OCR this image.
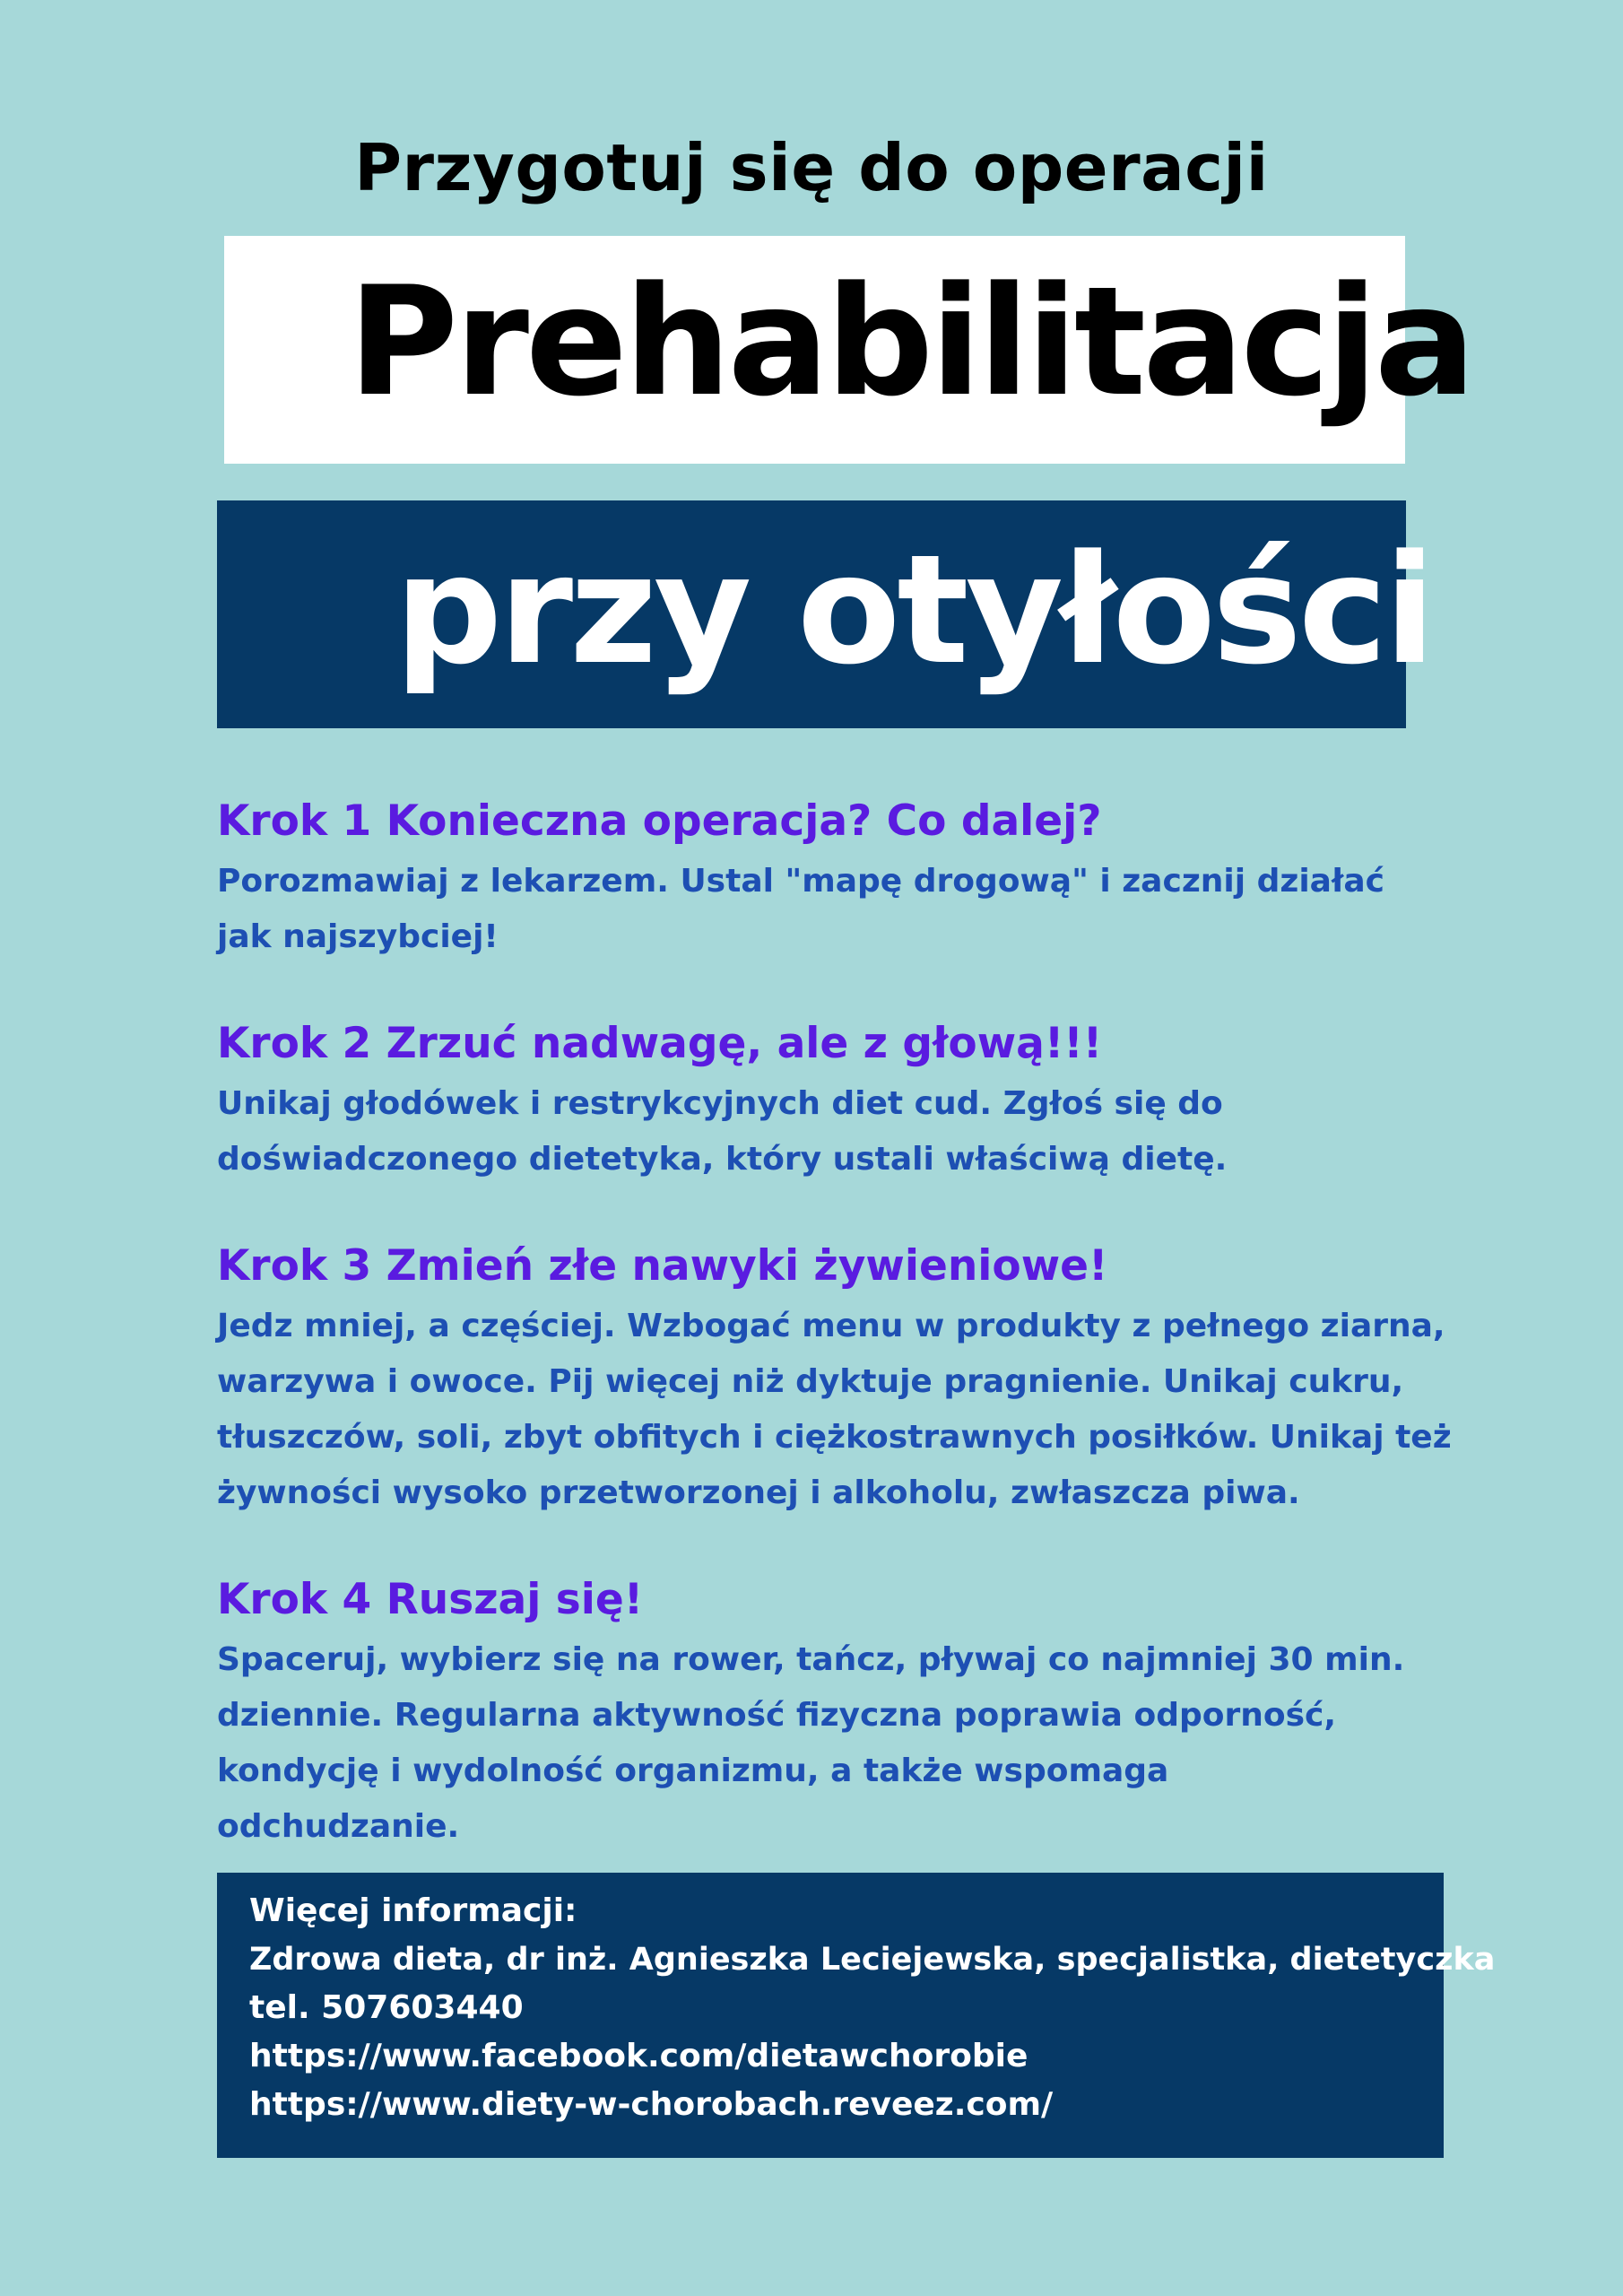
Przygotuj się do operacji
Prehabilitacja
przy otyłości
Krok 1 Konieczna operacja? Co dalej?
Porozmawiaj z lekarzem. Ustal "mapę drogową" i zacznij działać jak najszybciej!
Krok 2 Zrzuć nadwagę, ale z głową!!!
Unikaj głodówek i restrykcyjnych diet cud. Zgłoś się do doświadczonego dietetyka, który ustali właściwą dietę.
Krok 3 Zmień złe nawyki żywieniowe!
Jedz mniej, a częściej. Wzbogać menu w produkty z pełnego ziarna, warzywa i owoce. Pij więcej niż dyktuje pragnienie. Unikaj cukru, tłuszczów, soli, zbyt obfitych i ciężkostrawnych posiłków. Unikaj też żywności wysoko przetworzonej i alkoholu, zwłaszcza piwa.
Krok 4 Ruszaj się!
Spaceruj, wybierz się na rower, tańcz, pływaj co najmniej 30 min. dziennie. Regularna aktywność fizyczna poprawia odporność, kondycję i wydolność organizmu, a także wspomaga odchudzanie.
Więcej informacji:
Zdrowa dieta, dr inż. Agnieszka Leciejewska, specjalistka, dietetyczka
tel. 507603440
https://www.facebook.com/dietawchorobie
https://www.diety-w-chorobach.reveez.com/
